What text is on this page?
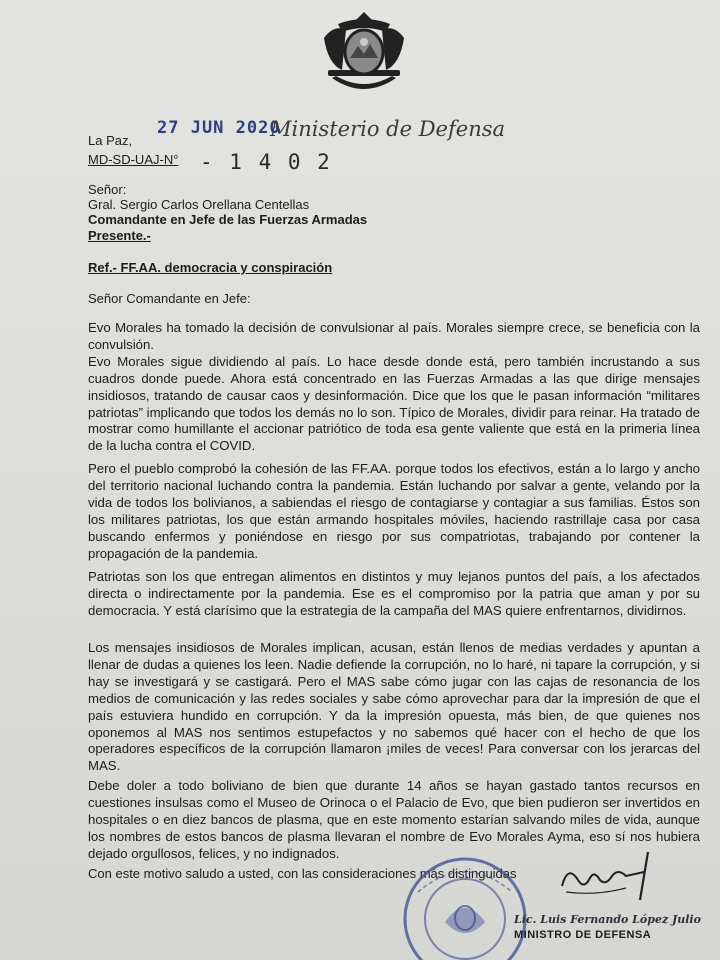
La Paz,
27 JUN 2020
Ministerio de Defensa
MD-SD-UAJ-N° - 1 4 0 2
Señor:
Gral. Sergio Carlos Orellana Centellas
Comandante en Jefe de las Fuerzas Armadas
Presente.-
Ref.- FF.AA. democracia y conspiración
Señor Comandante en Jefe:

Evo Morales ha tomado la decisión de convulsionar al país. Morales siempre crece, se beneficia con la convulsión.

Evo Morales sigue dividiendo al país. Lo hace desde donde está, pero también incrustando a sus cuadros donde puede. Ahora está concentrado en las Fuerzas Armadas a las que dirige mensajes insidiosos, tratando de causar caos y desinformación. Dice que los que le pasan información “militares patriotas” implicando que todos los demás no lo son. Típico de Morales, dividir para reinar. Ha tratado de mostrar como humillante el accionar patriótico de toda esa gente valiente que está en la primeria línea de la lucha contra el COVID.

Pero el pueblo comprobó la cohesión de las FF.AA. porque todos los efectivos, están a lo largo y ancho del territorio nacional luchando contra la pandemia. Están luchando por salvar a gente, velando por la vida de todos los bolivianos, a sabiendas el riesgo de contagiarse y contagiar a sus familias. Éstos son los militares patriotas, los que están armando hospitales móviles, haciendo rastrillaje casa por casa buscando enfermos y poniéndose en riesgo por sus compatriotas, trabajando por contener la propagación de la pandemia.
Patriotas son los que entregan alimentos en distintos y muy lejanos puntos del país, a los afectados directa o indirectamente por la pandemia. Ese es el compromiso por la patria que aman y por su democracia. Y está clarísimo que la estrategia de la campaña del MAS quiere enfrentarnos, dividirnos.
Los mensajes insidiosos de Morales implican, acusan, están llenos de medias verdades y apuntan a llenar de dudas a quienes los leen. Nadie defiende la corrupción, no lo haré, ni tapare la corrupción, y si hay se investigará y se castigará. Pero el MAS sabe cómo jugar con las cajas de resonancia de los medios de comunicación y las redes sociales y sabe cómo aprovechar para dar la impresión de que el país estuviera hundido en corrupción. Y da la impresión opuesta, más bien, de que quienes nos oponemos al MAS nos sentimos estupefactos y no sabemos qué hacer con el hecho de que los operadores específicos de la corrupción llamaron ¡miles de veces! Para conversar con los jerarcas del MAS.
Debe doler a todo boliviano de bien que durante 14 años se hayan gastado tantos recursos en cuestiones insulsas como el Museo de Orinoca o el Palacio de Evo, que bien pudieron ser invertidos en hospitales o en diez bancos de plasma, que en este momento estarían salvando miles de vida, aunque los nombres de estos bancos de plasma llevaran el nombre de Evo Morales Ayma, eso sí nos hubiera dejado orgullosos, felices, y no indignados.
Con este motivo saludo a usted, con las consideraciones más distinguidas
Lic. Luis Fernando López Julio
MINISTRO DE DEFENSA
